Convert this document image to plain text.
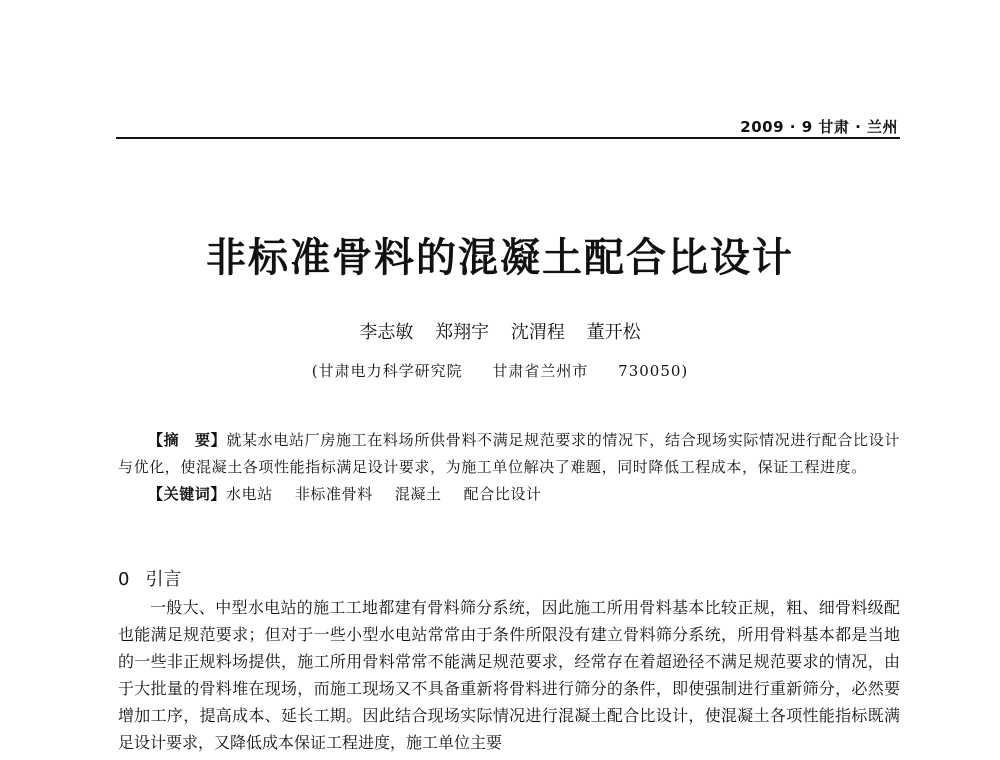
2009 · 9 甘肃 · 兰州
非标准骨料的混凝土配合比设计
李志敏 郑翔宇 沈渭程 董开松
(甘肃电力科学研究院 甘肃省兰州市 730050)

【摘　要】就某水电站厂房施工在料场所供骨料不满足规范要求的情况下，结合现场实际情况进行配合比设计与优化，使混凝土各项性能指标满足设计要求，为施工单位解决了难题，同时降低工程成本，保证工程进度。

【关键词】水电站 非标准骨料 混凝土 配合比设计

0 引言

一般大、中型水电站的施工工地都建有骨料筛分系统，因此施工所用骨料基本比较正规，粗、细骨料级配也能满足规范要求；但对于一些小型水电站常常由于条件所限没有建立骨料筛分系统，所用骨料基本都是当地的一些非正规料场提供，施工所用骨料常常不能满足规范要求，经常存在着超逊径不满足规范要求的情况，由于大批量的骨料堆在现场，而施工现场又不具备重新将骨料进行筛分的条件，即使强制进行重新筛分，必然要增加工序，提高成本、延长工期。因此结合现场实际情况进行混凝土配合比设计，使混凝土各项性能指标既满足设计要求，又降低成本保证工程进度，施工单位主要
